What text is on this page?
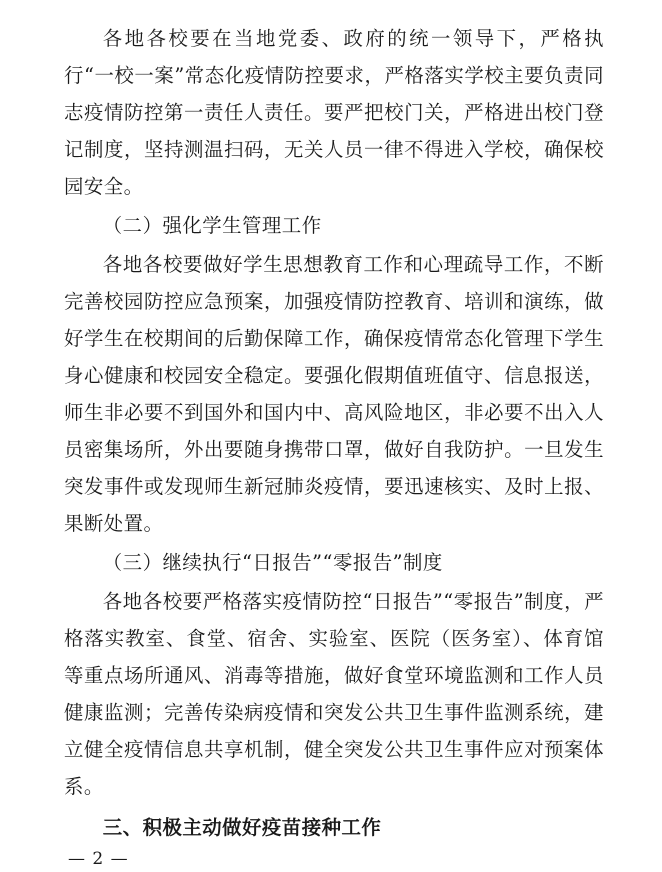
各地各校要在当地党委、政府的统一领导下，严格执行“一校一案”常态化疫情防控要求，严格落实学校主要负责同志疫情防控第一责任人责任。要严把校门关，严格进出校门登记制度，坚持测温扫码，无关人员一律不得进入学校，确保校园安全。

（二）强化学生管理工作

各地各校要做好学生思想教育工作和心理疏导工作，不断完善校园防控应急预案，加强疫情防控教育、培训和演练，做好学生在校期间的后勤保障工作，确保疫情常态化管理下学生身心健康和校园安全稳定。要强化假期值班值守、信息报送，师生非必要不到国外和国内中、高风险地区，非必要不出入人员密集场所，外出要随身携带口罩，做好自我防护。一旦发生突发事件或发现师生新冠肺炎疫情，要迅速核实、及时上报、果断处置。

（三）继续执行“日报告”“零报告”制度

各地各校要严格落实疫情防控“日报告”“零报告”制度，严格落实教室、食堂、宿舍、实验室、医院（医务室）、体育馆等重点场所通风、消毒等措施，做好食堂环境监测和工作人员健康监测；完善传染病疫情和突发公共卫生事件监测系统，建立健全疫情信息共享机制，健全突发公共卫生事件应对预案体系。

三、积极主动做好疫苗接种工作

— 2 —
